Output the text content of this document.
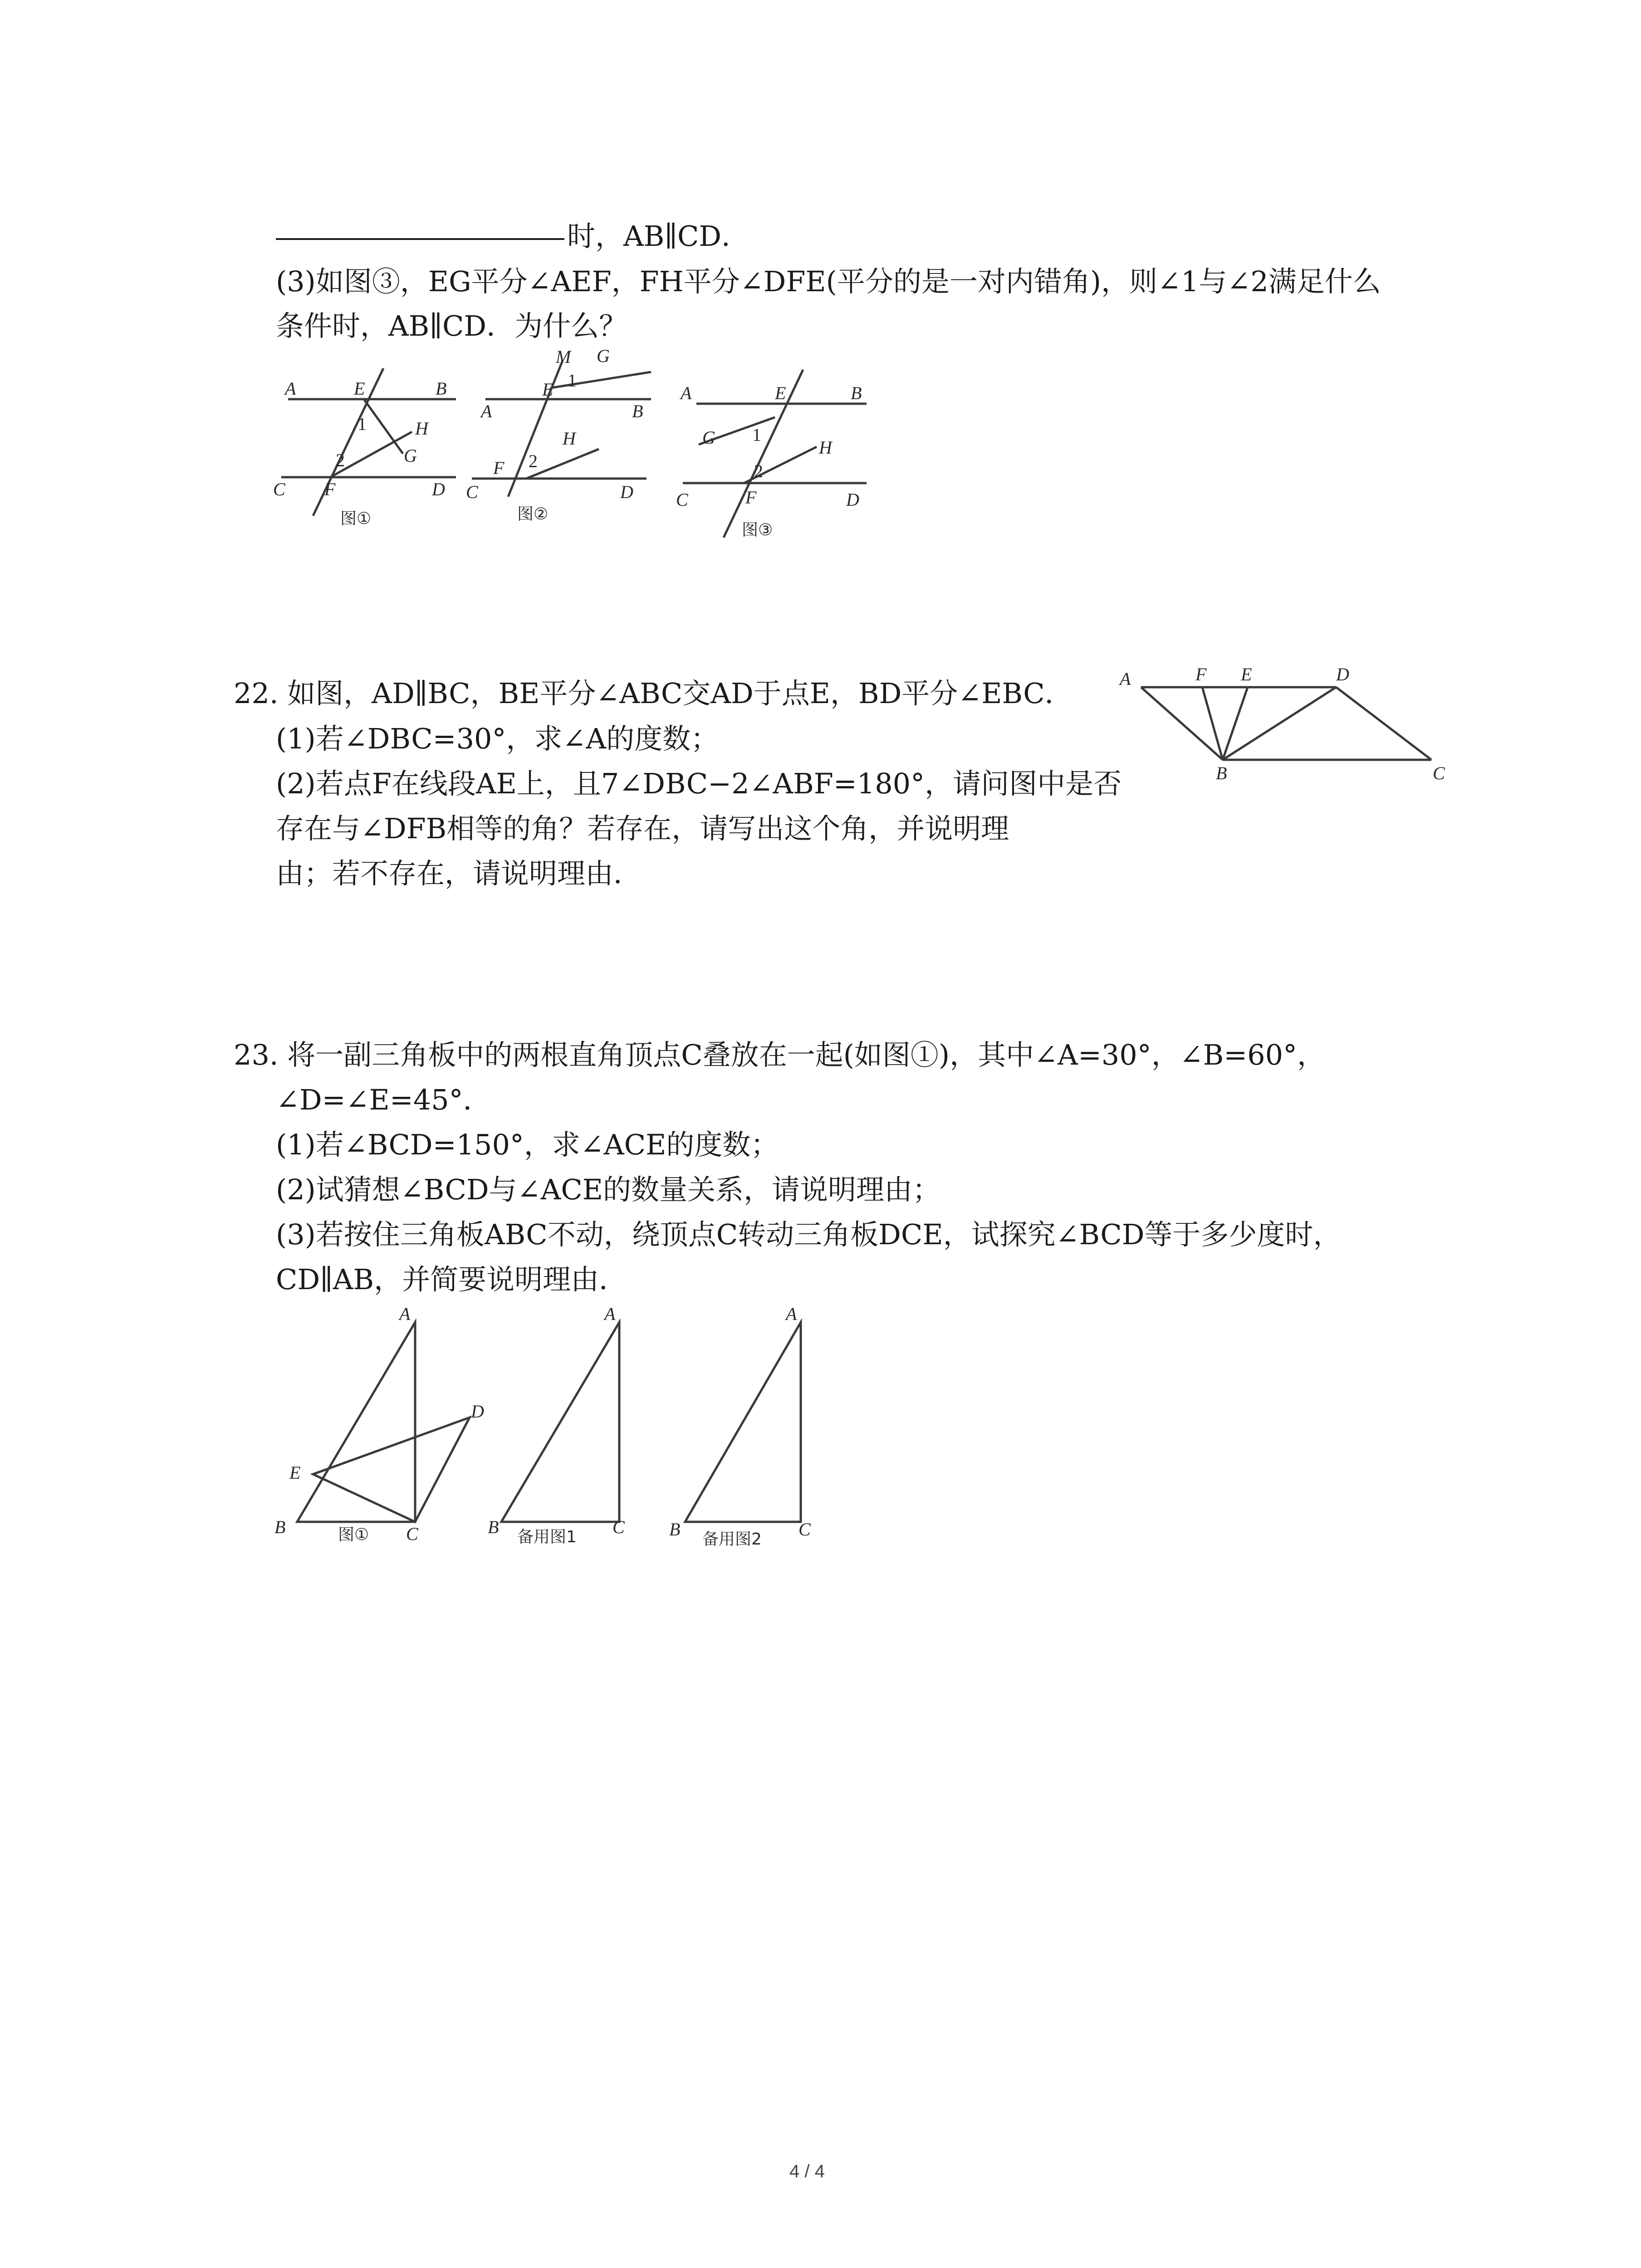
时，AB∥CD．
(3)如图③，EG平分∠AEF，FH平分∠DFE(平分的是一对内错角)，则∠1与∠2满足什么
条件时，AB∥CD．为什么？
A	E	B
1	H
G
2
C F	D
图①
M G
1
E
A	B
H
F 2
C	D
图②
A	E	B
G 1
H
2
C	F	D
图③
22. 如图，AD∥BC，BE平分∠ABC交AD于点E，BD平分∠EBC．
(1)若∠DBC=30°，求∠A的度数；
(2)若点F在线段AE上，且7∠DBC−2∠ABF=180°，请问图中是否
存在与∠DFB相等的角？若存在，请写出这个角，并说明理
由；若不存在，请说明理由．
A	F E	D
B	C
23. 将一副三角板中的两根直角顶点C叠放在一起(如图①)，其中∠A=30°，∠B=60°，
∠D=∠E=45°．
(1)若∠BCD=150°，求∠ACE的度数；
(2)试猜想∠BCD与∠ACE的数量关系，请说明理由；
(3)若按住三角板ABC不动，绕顶点C转动三角板DCE，试探究∠BCD等于多少度时，
CD∥AB，并简要说明理由．
A
D
E
B	C
图①
A
B	C
备用图1
A
B	C
备用图2
4 / 4
